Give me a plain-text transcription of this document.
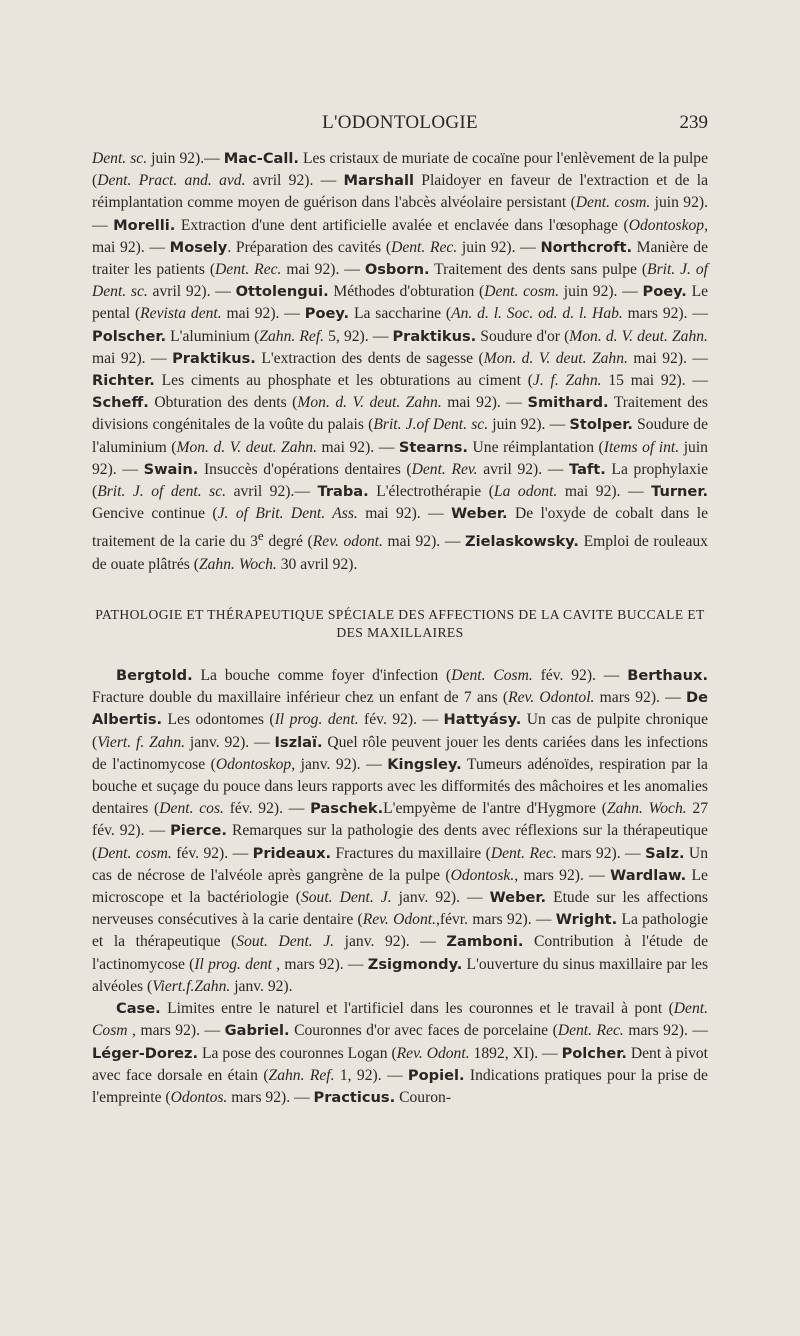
L'ODONTOLOGIE	239

Dent. sc. juin 92).— Mac-Call. Les cristaux de muriate de cocaïne pour l'enlèvement de la pulpe (Dent. Pract. and. avd. avril 92). — Marshall Plaidoyer en faveur de l'extraction et de la réimplantation comme moyen de guérison dans l'abcès alvéolaire persistant (Dent. cosm. juin 92). — Morelli. Extraction d'une dent artificielle avalée et enclavée dans l'œsophage (Odontoskop, mai 92). — Mosely. Préparation des cavités (Dent. Rec. juin 92). — Northcroft. Manière de traiter les patients (Dent. Rec. mai 92). — Osborn. Traitement des dents sans pulpe (Brit. J. of Dent. sc. avril 92). — Ottolengui. Méthodes d'obturation (Dent. cosm. juin 92). — Poey. Le pental (Revista dent. mai 92). — Poey. La saccharine (An. d. l. Soc. od. d. l. Hab. mars 92). — Polscher. L'aluminium (Zahn. Ref. 5, 92). — Praktikus. Soudure d'or (Mon. d. V. deut. Zahn. mai 92). — Praktikus. L'extraction des dents de sagesse (Mon. d. V. deut. Zahn. mai 92). — Richter. Les ciments au phosphate et les obturations au ciment (J. f. Zahn. 15 mai 92). — Scheff. Obturation des dents (Mon. d. V. deut. Zahn. mai 92). — Smithard. Traitement des divisions congénitales de la voûte du palais (Brit. J.of Dent. sc. juin 92). — Stolper. Soudure de l'aluminium (Mon. d. V. deut. Zahn. mai 92). — Stearns. Une réimplantation (Items of int. juin 92). — Swain. Insuccès d'opérations dentaires (Dent. Rev. avril 92). — Taft. La prophylaxie (Brit. J. of dent. sc. avril 92).— Traba. L'électrothérapie (La odont. mai 92). — Turner. Gencive continue (J. of Brit. Dent. Ass. mai 92). — Weber. De l'oxyde de cobalt dans le traitement de la carie du 3e degré (Rev. odont. mai 92). — Zielaskowsky. Emploi de rouleaux de ouate plâtrés (Zahn. Woch. 30 avril 92).

PATHOLOGIE ET THÉRAPEUTIQUE SPÉCIALE DES AFFECTIONS DE LA CAVITE BUCCALE ET DES MAXILLAIRES

Bergtold. La bouche comme foyer d'infection (Dent. Cosm. fév. 92). — Berthaux. Fracture double du maxillaire inférieur chez un enfant de 7 ans (Rev. Odontol. mars 92). — De Albertis. Les odontomes (Il prog. dent. fév. 92). — Hattyásy. Un cas de pulpite chronique (Viert. f. Zahn. janv. 92). — Iszlaï. Quel rôle peuvent jouer les dents cariées dans les infections de l'actinomycose (Odontoskop, janv. 92). — Kingsley. Tumeurs adénoïdes, respiration par la bouche et suçage du pouce dans leurs rapports avec les difformités des mâchoires et les anomalies dentaires (Dent. cos. fév. 92). — Paschek.L'empyème de l'antre d'Hygmore (Zahn. Woch. 27 fév. 92). — Pierce. Remarques sur la pathologie des dents avec réflexions sur la thérapeutique (Dent. cosm. fév. 92). — Prideaux. Fractures du maxillaire (Dent. Rec. mars 92). — Salz. Un cas de nécrose de l'alvéole après gangrène de la pulpe (Odontosk., mars 92). — Wardlaw. Le microscope et la bactériologie (Sout. Dent. J. janv. 92). — Weber. Etude sur les affections nerveuses consécutives à la carie dentaire (Rev. Odont.,févr. mars 92). — Wright. La pathologie et la thérapeutique (Sout. Dent. J. janv. 92). — Zamboni. Contribution à l'étude de l'actinomycose (Il prog. dent , mars 92). — Zsigmondy. L'ouverture du sinus maxillaire par les alvéoles (Viert.f.Zahn. janv. 92).

Case. Limites entre le naturel et l'artificiel dans les couronnes et le travail à pont (Dent. Cosm , mars 92). — Gabriel. Couronnes d'or avec faces de porcelaine (Dent. Rec. mars 92). — Léger-Dorez. La pose des couronnes Logan (Rev. Odont. 1892, XI). — Polcher. Dent à pivot avec face dorsale en étain (Zahn. Ref. 1, 92). — Popiel. Indications pratiques pour la prise de l'empreinte (Odontos. mars 92). — Practicus. Couron-
